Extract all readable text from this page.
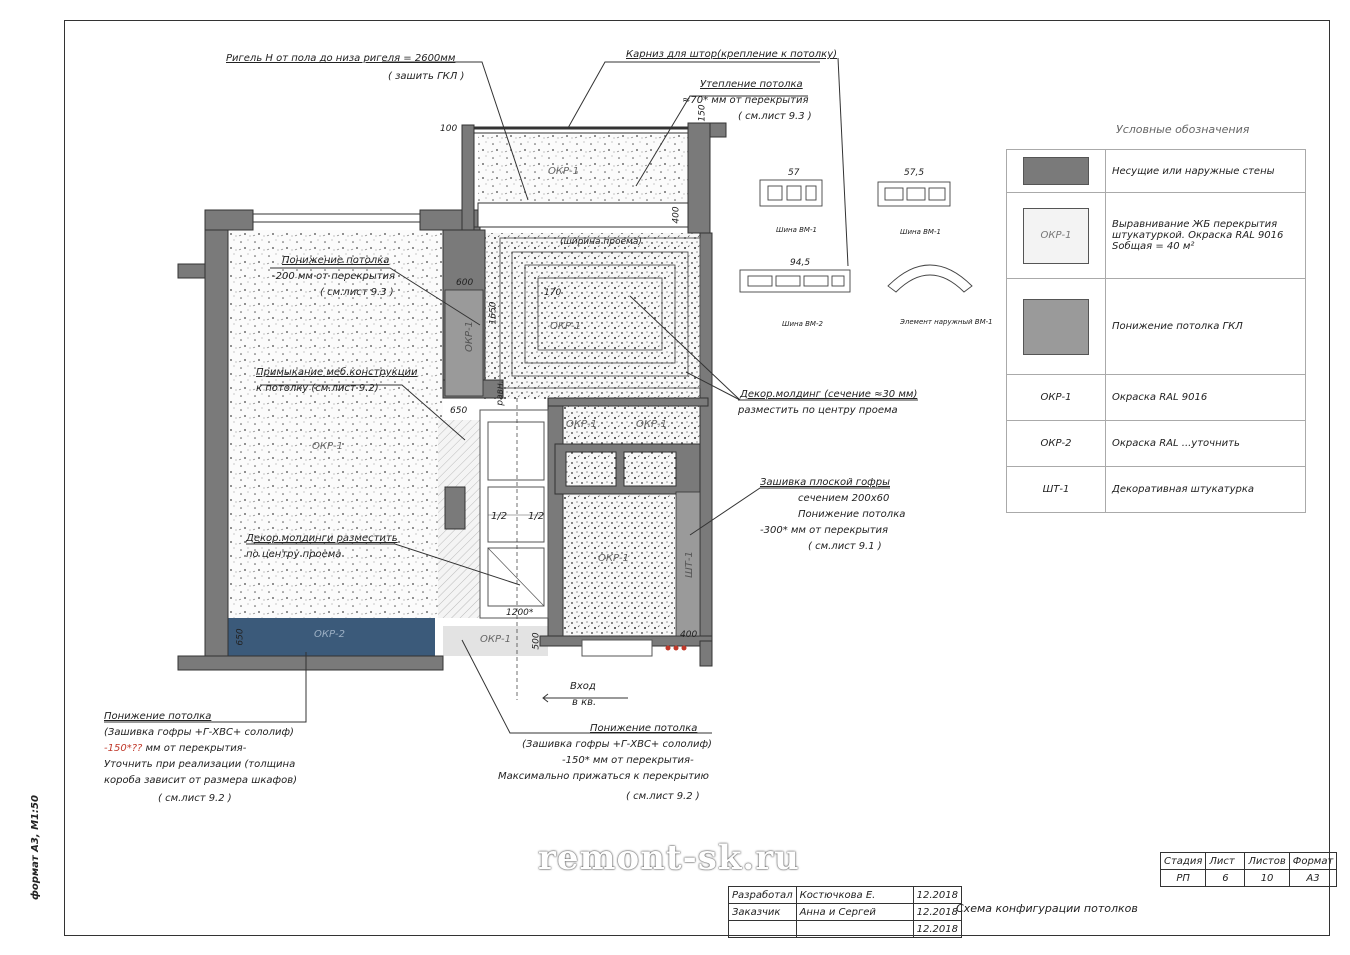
Ригель H от пола до низа ригеля = 2600мм
( зашить ГКЛ )
Карниз для штор(крепление к потолку)
Утепление потолка
≈70* мм от перекрытия
( см.лист 9.3 )
Понижение потолка
-200 мм от перекрытия
( см.лист 9.3 )
Примыкание меб.конструкции
к потолку (см.лист 9.2)
Декор.молдинг (сечение ≈30 мм)
разместить по центру проема
Декор.молдинги разместить
по центру проема
Зашивка плоской гофры
сечением 200х60
Понижение потолка
-300* мм от перекрытия
( см.лист 9.1 )
Понижение потолка
(Зашивка гофры +Г-ХВС+ сололиф)
-150*?? мм от перекрытия-
Уточнить при реализации (толщина
короба зависит от размера шкафов)
( см.лист 9.2 )
Понижение потолка
(Зашивка гофры +Г-ХВС+ сололиф)
-150* мм от перекрытия-
Максимально прижаться к перекрытию
( см.лист 9.2 )
Вход
в кв.
(ширина проема)
ОКР-1
ОКР-1
ОКР-2	ОКР-1
ОКР-1
ОКР-1
ОКР-1	ОКР-1
ОКР-1
ШТ-1
1/2 1/2
100
150
400
600
1650
170
650
650
1200*
500	400
равн.
57	57,5
94,5
Шина ВМ-1	Шина ВМ-1
Шина ВМ-2	Элемент наружный ВМ-1
Условные обозначения
	Несущие или наружные стены

ОКР-1	Выравнивание ЖБ перекрытия штукатуркой. Окраска RAL 9016 Sобщая = 40 м²

	Понижение потолка ГКЛ
ОКР-1	Окраска RAL 9016
ОКР-2	Окраска RAL ...уточнить
ШТ-1	Декоративная штукатурка
Стадия	Лист	Листов	Формат
РП	6	10	А3
Разработал	Костючкова Е.	12.2018
Заказчик	Анна и Сергей	12.2018
		12.2018
Схема конфигурации потолков
формат А3, М1:50	remont-sk.ru
